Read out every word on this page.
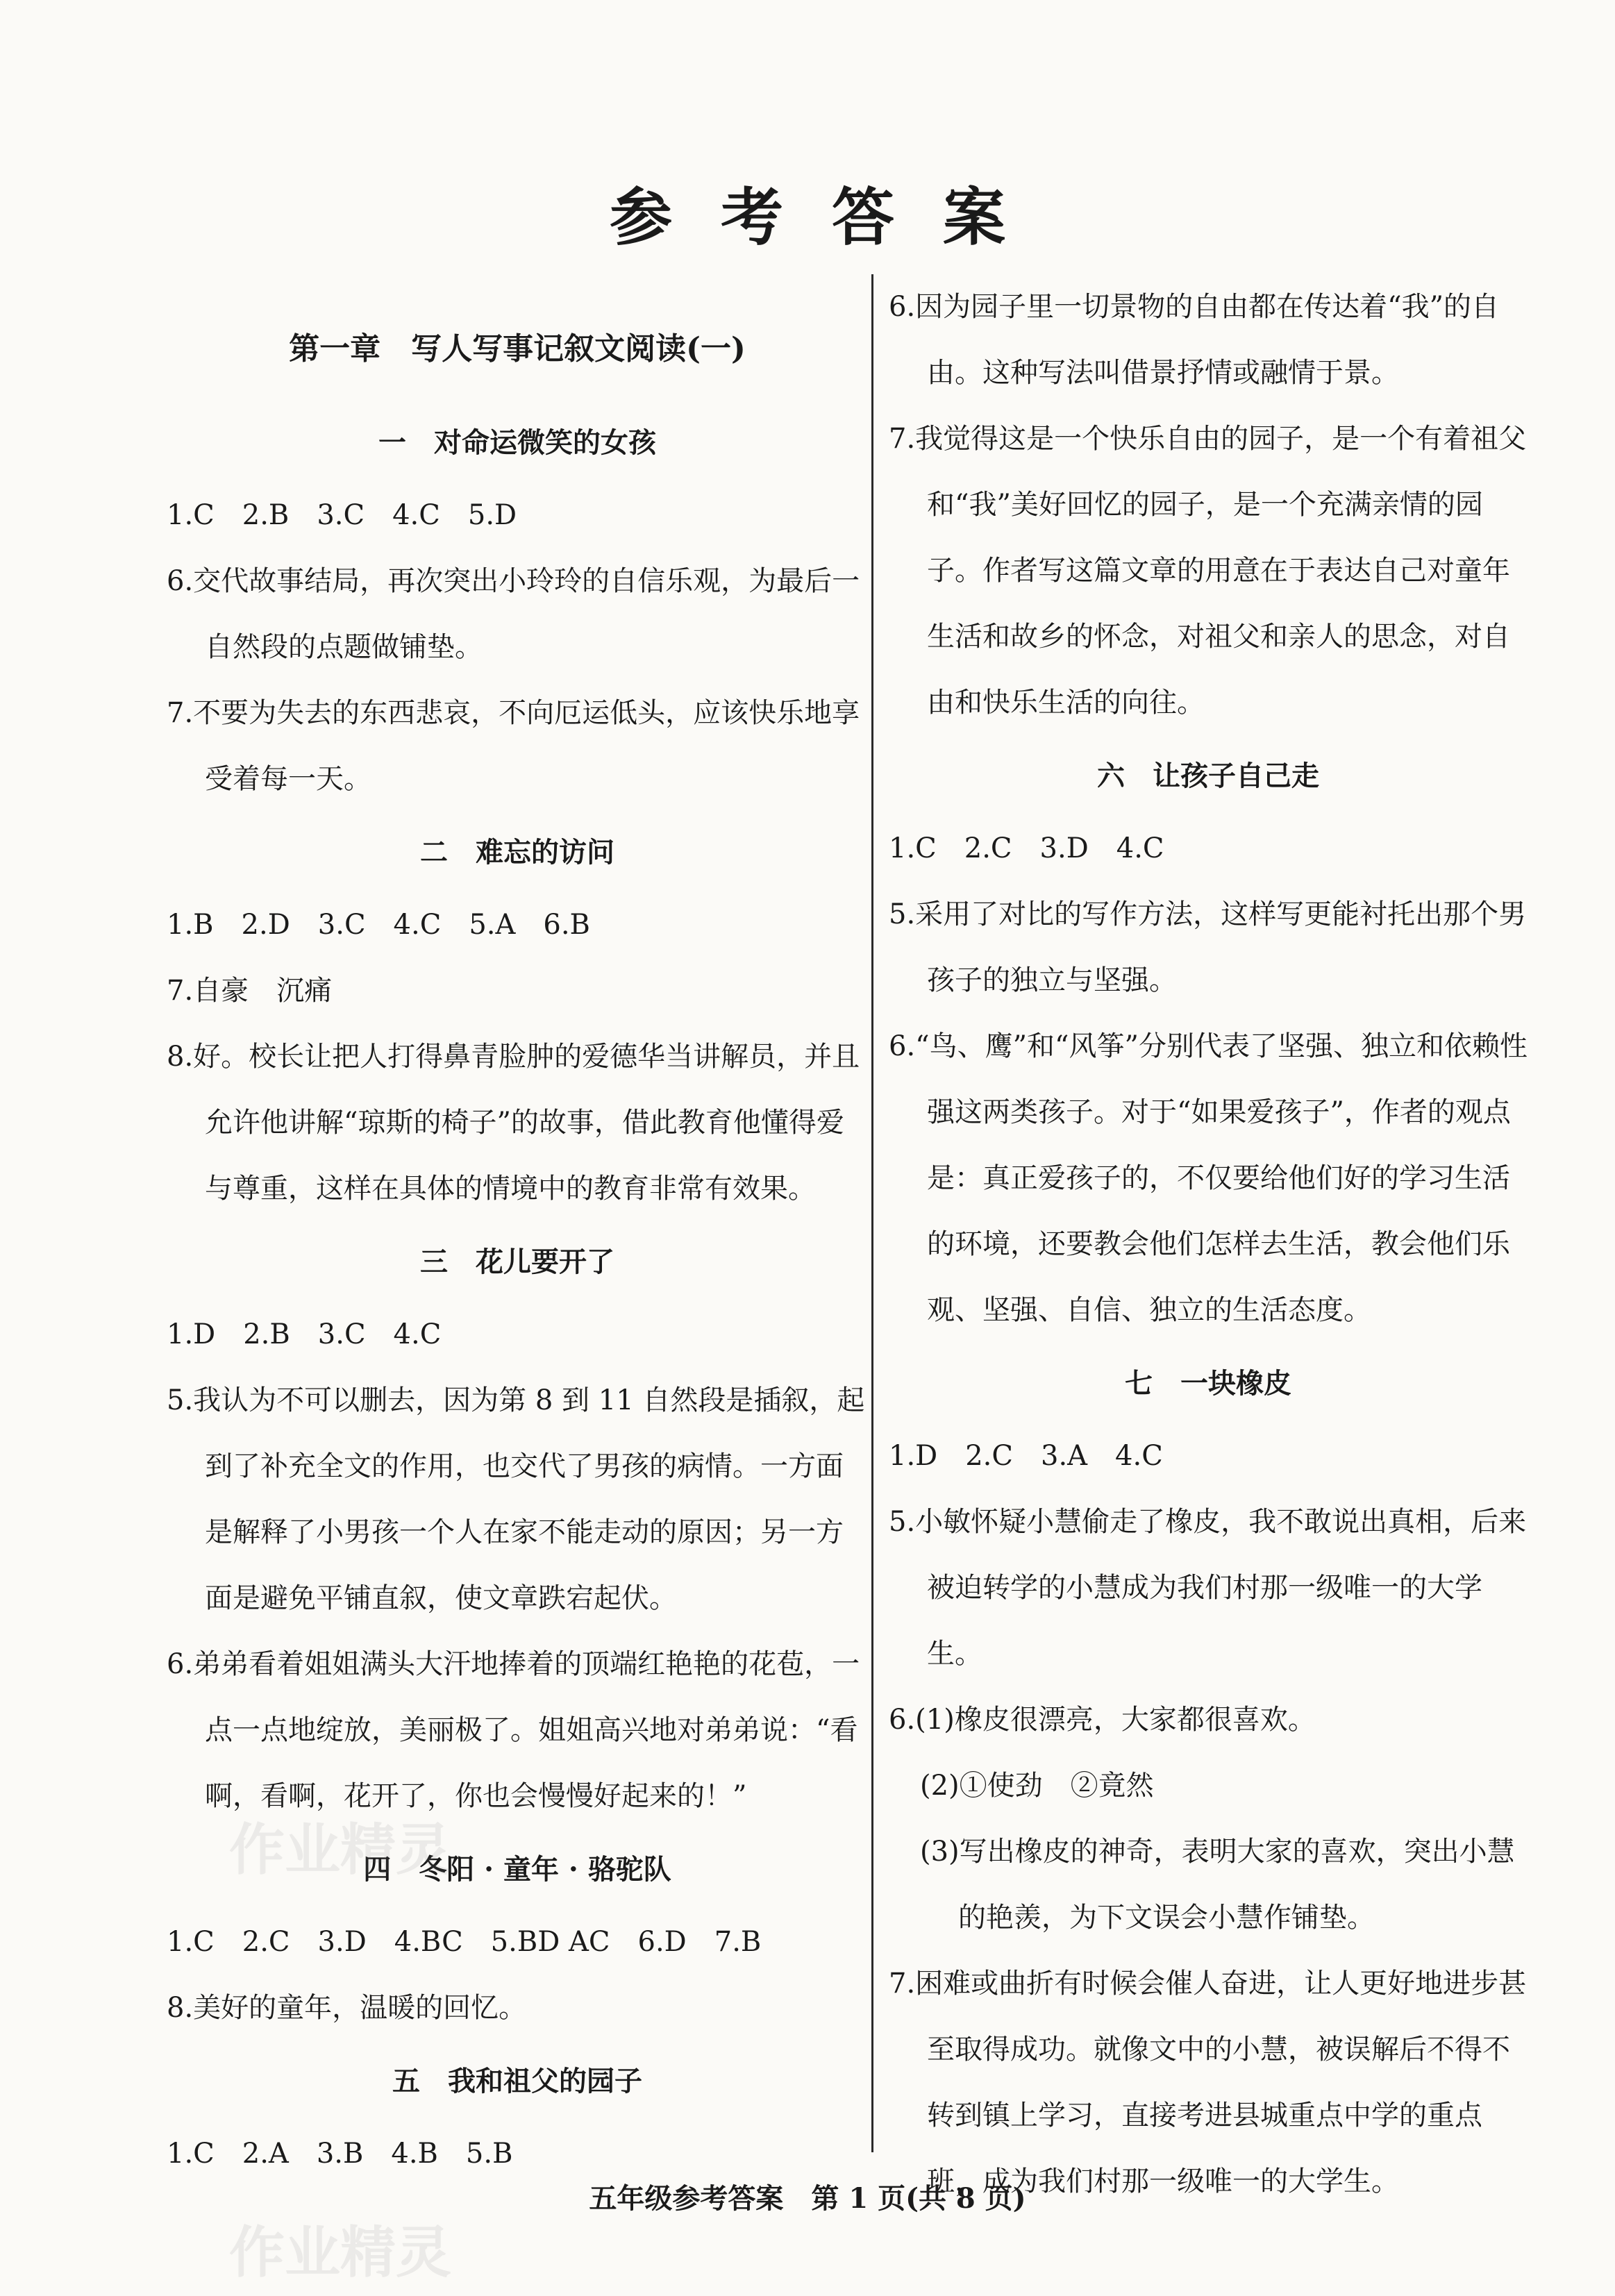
参考答案
第一章　写人写事记叙文阅读(一)
一　对命运微笑的女孩

1.C　2.B　3.C　4.C　5.D

6.交代故事结局，再次突出小玲玲的自信乐观，为最后一自然段的点题做铺垫。

7.不要为失去的东西悲哀，不向厄运低头，应该快乐地享受着每一天。

二　难忘的访问

1.B　2.D　3.C　4.C　5.A　6.B

7.自豪　沉痛

8.好。校长让把人打得鼻青脸肿的爱德华当讲解员，并且允许他讲解“琼斯的椅子”的故事，借此教育他懂得爱与尊重，这样在具体的情境中的教育非常有效果。

三　花儿要开了

1.D　2.B　3.C　4.C

5.我认为不可以删去，因为第 8 到 11 自然段是插叙，起到了补充全文的作用，也交代了男孩的病情。一方面是解释了小男孩一个人在家不能走动的原因；另一方面是避免平铺直叙，使文章跌宕起伏。

6.弟弟看着姐姐满头大汗地捧着的顶端红艳艳的花苞，一点一点地绽放，美丽极了。姐姐高兴地对弟弟说：“看啊，看啊，花开了，你也会慢慢好起来的！”

四　冬阳 · 童年 · 骆驼队

1.C　2.C　3.D　4.BC　5.BD AC　6.D　7.B

8.美好的童年，温暖的回忆。

五　我和祖父的园子

1.C　2.A　3.B　4.B　5.B

6.因为园子里一切景物的自由都在传达着“我”的自由。这种写法叫借景抒情或融情于景。

7.我觉得这是一个快乐自由的园子，是一个有着祖父和“我”美好回忆的园子，是一个充满亲情的园子。作者写这篇文章的用意在于表达自己对童年生活和故乡的怀念，对祖父和亲人的思念，对自由和快乐生活的向往。

六　让孩子自己走

1.C　2.C　3.D　4.C

5.采用了对比的写作方法，这样写更能衬托出那个男孩子的独立与坚强。

6.“鸟、鹰”和“风筝”分别代表了坚强、独立和依赖性强这两类孩子。对于“如果爱孩子”，作者的观点是：真正爱孩子的，不仅要给他们好的学习生活的环境，还要教会他们怎样去生活，教会他们乐观、坚强、自信、独立的生活态度。

七　一块橡皮

1.D　2.C　3.A　4.C

5.小敏怀疑小慧偷走了橡皮，我不敢说出真相，后来被迫转学的小慧成为我们村那一级唯一的大学生。

6.(1)橡皮很漂亮，大家都很喜欢。

(2)①使劲　②竟然

(3)写出橡皮的神奇，表明大家的喜欢，突出小慧的艳羡，为下文误会小慧作铺垫。

7.困难或曲折有时候会催人奋进，让人更好地进步甚至取得成功。就像文中的小慧，被误解后不得不转到镇上学习，直接考进县城重点中学的重点班，成为我们村那一级唯一的大学生。

作业精灵
作业精灵
五年级参考答案　第 1 页(共 8 页)
